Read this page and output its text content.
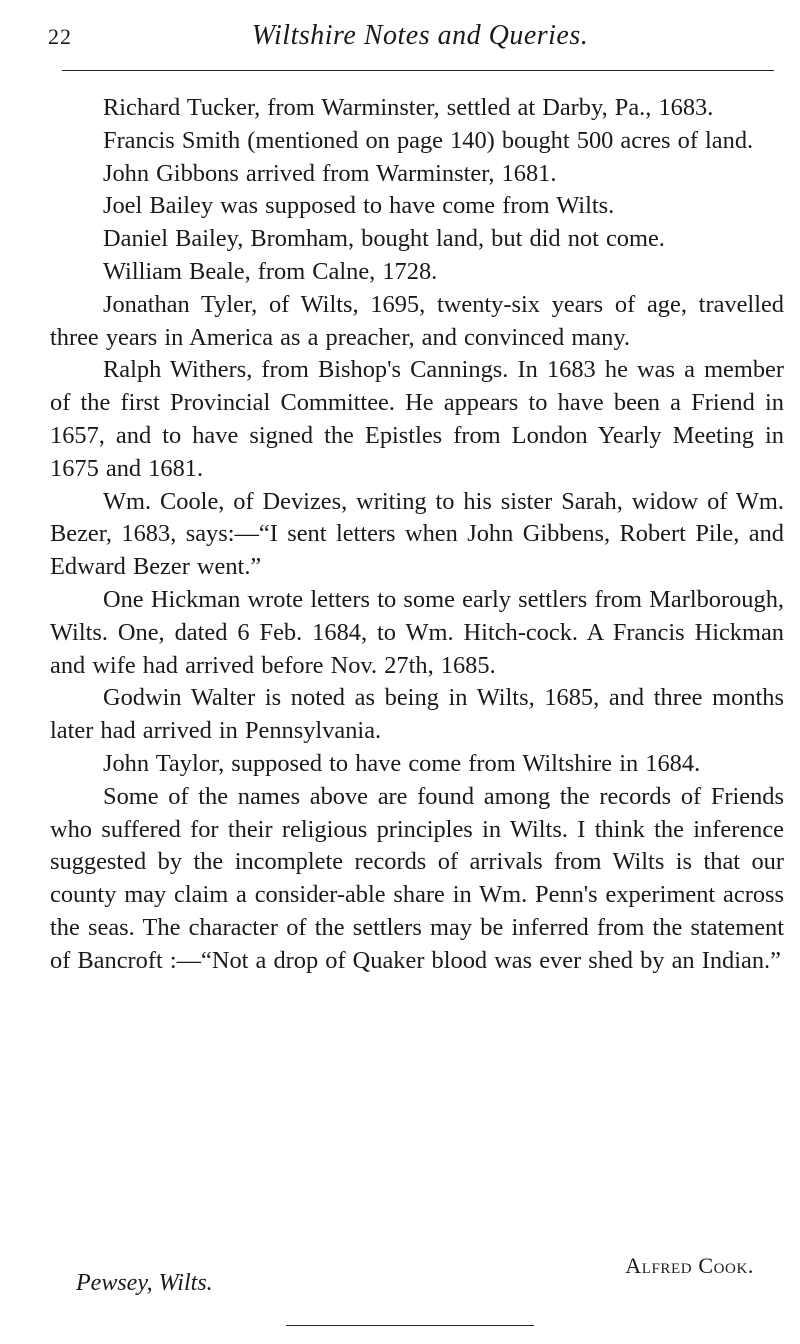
22	Wiltshire Notes and Queries.

Richard Tucker, from Warminster, settled at Darby, Pa., 1683.

Francis Smith (mentioned on page 140) bought 500 acres of land.

John Gibbons arrived from Warminster, 1681.

Joel Bailey was supposed to have come from Wilts.

Daniel Bailey, Bromham, bought land, but did not come.

William Beale, from Calne, 1728.

Jonathan Tyler, of Wilts, 1695, twenty-six years of age, travelled three years in America as a preacher, and convinced many.

Ralph Withers, from Bishop's Cannings. In 1683 he was a member of the first Provincial Committee. He appears to have been a Friend in 1657, and to have signed the Epistles from London Yearly Meeting in 1675 and 1681.

Wm. Coole, of Devizes, writing to his sister Sarah, widow of Wm. Bezer, 1683, says:—“I sent letters when John Gibbens, Robert Pile, and Edward Bezer went.”

One Hickman wrote letters to some early settlers from Marlborough, Wilts. One, dated 6 Feb. 1684, to Wm. Hitch-cock. A Francis Hickman and wife had arrived before Nov. 27th, 1685.

Godwin Walter is noted as being in Wilts, 1685, and three months later had arrived in Pennsylvania.

John Taylor, supposed to have come from Wiltshire in 1684.

Some of the names above are found among the records of Friends who suffered for their religious principles in Wilts. I think the inference suggested by the incomplete records of arrivals from Wilts is that our county may claim a consider-able share in Wm. Penn's experiment across the seas. The character of the settlers may be inferred from the statement of Bancroft :—“Not a drop of Quaker blood was ever shed by an Indian.”

Alfred Cook.
Pewsey, Wilts.
